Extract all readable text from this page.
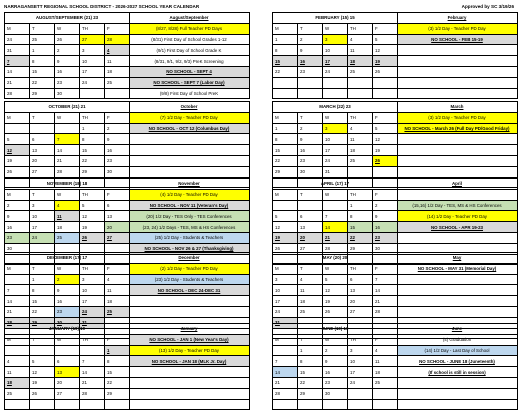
NARRAGANSETT REGIONAL SCHOOL DISTRICT - 2026-2027 SCHOOL YEAR CALENDAR	Approved by SC 3/19/26
AUGUST/SEPTEMBER (21) 23				
M	T	W	TH	F
24	25	26	27	28
31	1	2	3	4
7	8	9	10	11
14	15	16	17	18
21	22	23	24	25
28	29	30		
August/September
(8/27, 8/28) Full Teacher PD Days
(8/31) First Day of School Grades 1-12
(9/1) First Day of School Grade K
(8/31, 9/1, 9/2, 9/3) PreK Screening
NO SCHOOL - SEPT 4
NO SCHOOL - SEPT 7 (Labor Day)
(9/8) First Day of School PreK
FEBRUARY (15) 15				
M	T	W	TH	F
1	2	3	4	5
8	9	10	11	12
15	16	17	18	19
22	23	24	25	26

February
(3) 1/2 Day - Teacher PD Day
NO SCHOOL - FEB 15-19

OCTOBER (21) 21				
M	T	W	TH	F
			1	2
5	6	7	8	9
12	13	14	15	16
19	20	21	22	23
26	27	28	29	30

October
(7) 1/2 Day - Teacher PD Day
NO SCHOOL - OCT 12 (Columbus Day)

MARCH (22) 23				
M	T	W	TH	F
1	2	3	4	5
8	9	10	11	12
15	16	17	18	19
22	23	24	25	26
29	30	31		

March
(3) 1/2 Day - Teacher PD Day
NO SCHOOL - March 26 (Full Day PD/Good Friday)

NOVEMBER (18) 18				
M	T	W	TH	F
2	3	4	5	6
9	10	11	12	13
16	17	18	19	20
23	24	25	26	27
30				

November
(4) 1/2 Day - Teacher PD Day
NO SCHOOL - NOV 11 (Veteran's Day)
(20) 1/2 Day - TES Only - TES Conferences
(23, 24) 1/2 Days - TES, MS & HS Conferences
(25) 1/2 Day - Students & Teachers
NO SCHOOL - NOV 26 & 27 (Thanksgiving)

APRIL (17) 17				
M	T	W	TH	F
			1	2
5	6	7	8	9
12	13	14	15	16
19	20	21	22	23
26	27	28	29	30

April

(15,16) 1/2 Day - TES, MS & HS Conferences
(14) 1/2 Day - Teacher PD Day
NO SCHOOL - APR 19-23

DECEMBER (17) 17				
M	T	W	TH	F
	1	2	3	4
7	8	9	10	11
14	15	16	17	18
21	22	23	24	25
28	29	30	31	

December
(2) 1/2 Day - Teacher PD Day
(23) 1/2 Day - Students & Teachers
NO SCHOOL - DEC 24-DEC 31

MAY (20) 20				
M	T	W	TH	F
3	4	5	6	7
10	11	12	13	14
17	18	19	20	21
24	25	26	27	28
31				

May
NO SCHOOL - MAY 31 (Memorial Day)

JANUARY (19) 19				
M	T	W	TH	F
				1
4	5	6	7	8
11	12	13	14	15
18	19	20	21	22
25	26	27	28	29

January
NO SCHOOL - JAN 1 (New Year's Day)
(13) 1/2 Day - Teacher PD Day
NO SCHOOL - JAN 18 (MLK Jr. Day)

JUNE (10) 10				
M	T	W	TH	F
	1	2	3	4
7	8	9	10	11
14	15	16	17	18
21	22	23	24	25
28	29	30		

June
(4) Graduation
(14) 1/2 Day - Last Day of School
NO SCHOOL - JUNE 18 (Juneteenth)
(If school is still in session)
